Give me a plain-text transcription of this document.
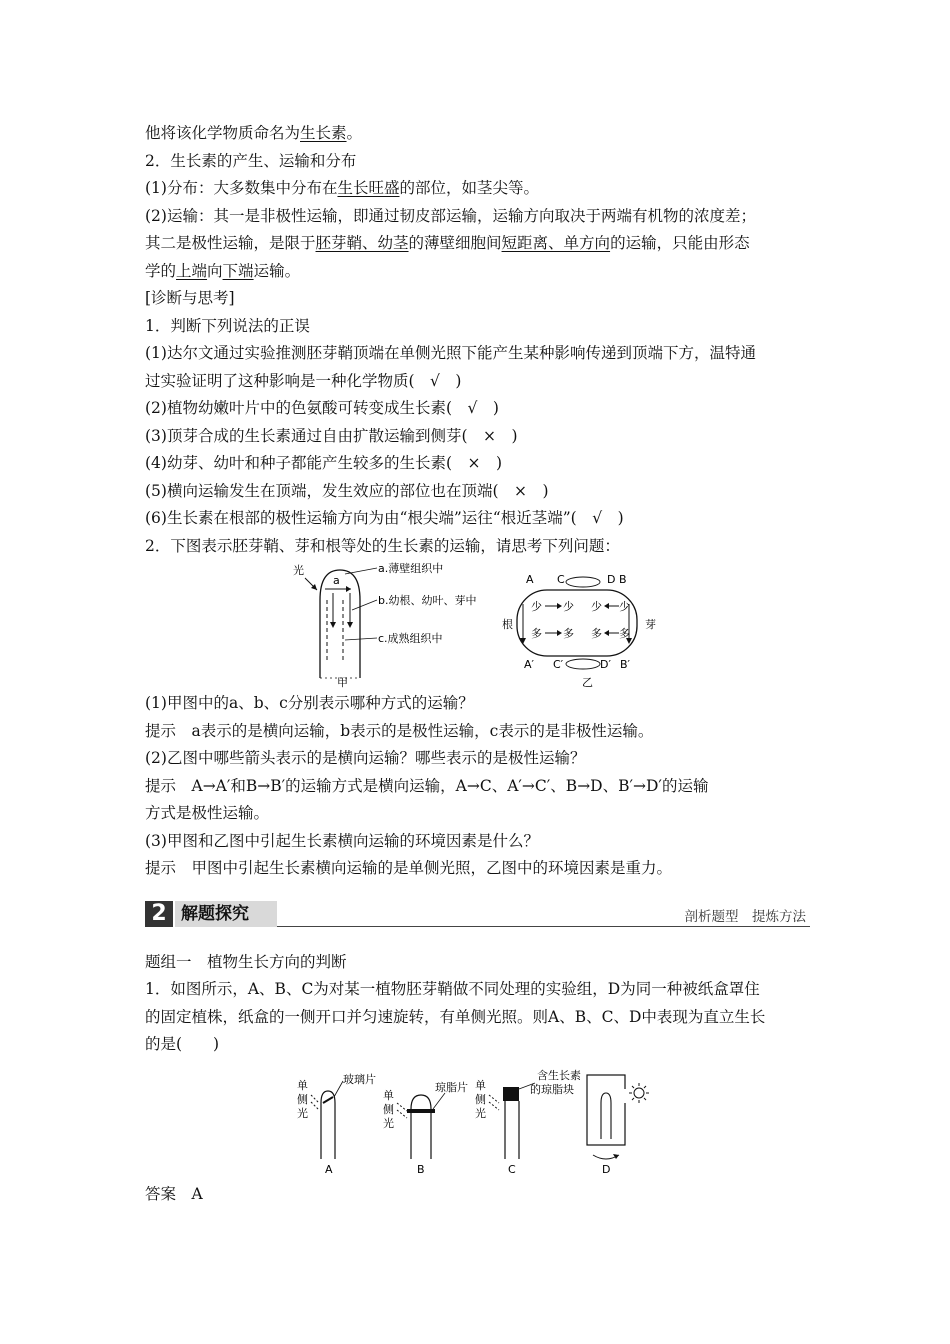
他将该化学物质命名为生长素。
2．生长素的产生、运输和分布
(1)分布：大多数集中分布在生长旺盛的部位，如茎尖等。
(2)运输：其一是非极性运输，即通过韧皮部运输，运输方向取决于两端有机物的浓度差；
其二是极性运输，是限于胚芽鞘、幼茎的薄壁细胞间短距离、单方向的运输，只能由形态
学的上端向下端运输。
[诊断与思考]
1．判断下列说法的正误
(1)达尔文通过实验推测胚芽鞘顶端在单侧光照下能产生某种影响传递到顶端下方，温特通
过实验证明了这种影响是一种化学物质(　√　)
(2)植物幼嫩叶片中的色氨酸可转变成生长素(　√　)
(3)顶芽合成的生长素通过自由扩散运输到侧芽(　×　)
(4)幼芽、幼叶和种子都能产生较多的生长素(　×　)
(5)横向运输发生在顶端，发生效应的部位也在顶端(　×　)
(6)生长素在根部的极性运输方向为由“根尖端”运往“根近茎端”(　√　)
2．下图表示胚芽鞘、芽和根等处的生长素的运输，请思考下列问题：
光
a
a.薄壁组织中
b.幼根、幼叶、芽中
c.成熟组织中
甲
A C	D B
根	芽
少 少
多 多
少 少
多 多
A′ C′	D′ B′
乙
(1)甲图中的a、b、c分别表示哪种方式的运输？
提示　a表示的是横向运输，b表示的是极性运输，c表示的是非极性运输。
(2)乙图中哪些箭头表示的是横向运输？哪些表示的是极性运输？
提示　A→A′和B→B′的运输方式是横向运输，A→C、A′→C′、B→D、B′→D′的运输
方式是极性运输。
(3)甲图和乙图中引起生长素横向运输的环境因素是什么？
提示　甲图中引起生长素横向运输的是单侧光照，乙图中的环境因素是重力。
2 解题探究	剖析题型　提炼方法
题组一　植物生长方向的判断
1．如图所示，A、B、C为对某一植物胚芽鞘做不同处理的实验组，D为同一种被纸盒罩住
的固定植株，纸盒的一侧开口并匀速旋转，有单侧光照。则A、B、C、D中表现为直立生长
的是(　　)
单
侧
光
玻璃片
A
单
侧
光
琼脂片
B
单
侧
光
含生长素
的琼脂块
C	D
答案　A
